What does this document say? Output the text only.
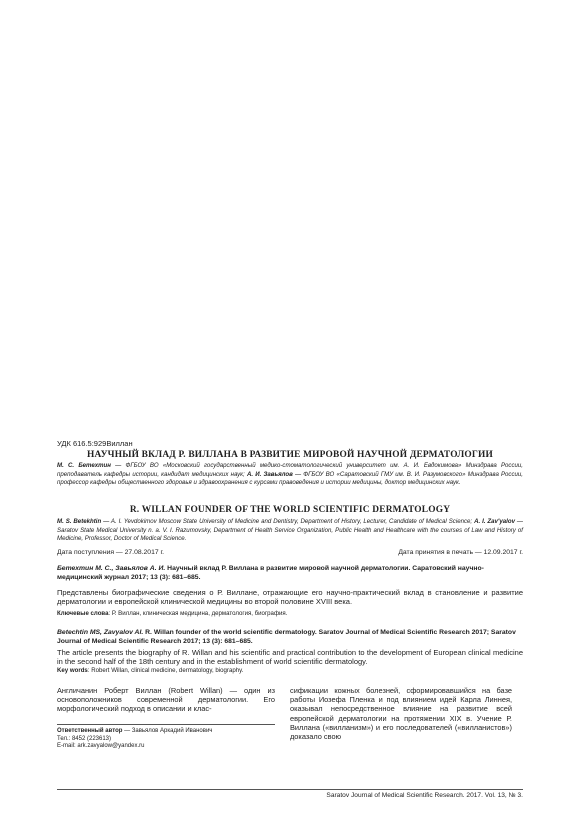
УДК 616.5:929Виллан
НАУЧНЫЙ ВКЛАД Р. ВИЛЛАНА В РАЗВИТИЕ МИРОВОЙ НАУЧНОЙ ДЕРМАТОЛОГИИ
М. С. Бетехтин — ФГБОУ ВО «Московский государственный медико-стоматологический университет им. А. И. Евдокимова» Минздрава России, преподаватель кафедры истории, кандидат медицинских наук; А. И. Завьялов — ФГБОУ ВО «Саратовский ГМУ им. В. И. Разумовского» Минздрава России, профессор кафедры общественного здоровья и здравоохранения с курсами правоведения и истории медицины, доктор медицинских наук.
R. WILLAN FOUNDER OF THE WORLD SCIENTIFIC DERMATOLOGY
M. S. Betekhtin — A. I. Yevdokimov Moscow State University of Medicine and Dentistry, Department of History, Lecturer, Candidate of Medical Science; A. I. Zav'yalov — Saratov State Medical University n. a. V. I. Razumovsky, Department of Health Service Organization, Public Health and Healthcare with the courses of Law and History of Medicine, Professor, Doctor of Medical Science.
Дата поступления — 27.08.2017 г.	Дата принятия в печать — 12.09.2017 г.
Бетехтин М. С., Завьялов А. И. Научный вклад Р. Виллана в развитие мировой научной дерматологии. Саратовский научно-медицинский журнал 2017; 13 (3): 681–685.
Представлены биографические сведения о Р. Виллане, отражающие его научно-практический вклад в становление и развитие дерматологии и европейской клинической медицины во второй половине XVIII века.
Ключевые слова: Р. Виллан, клиническая медицина, дерматология, биография.
Betechtin MS, Zavyalov AI. R. Willan founder of the world scientific dermatology. Saratov Journal of Medical Scientific Research 2017; Saratov Journal of Medical Scientific Research 2017; 13 (3): 681–685.
The article presents the biography of R. Willan and his scientific and practical contribution to the development of European clinical medicine in the second half of the 18th century and in the establishment of world scientific dermatology.
Key words: Robert Willan, clinical medicine, dermatology, biography.
Англичанин Роберт Виллан (Robert Willan) — один из основоположников современной дерматологии. Его морфологический подход в описании и клас-
Ответственный автор — Завьялов Аркадий Иванович
Тел.: 8452 (223613)
E-mail: ark.zavyalow@yandex.ru
сификации кожных болезней, сформировавшийся на базе работы Иозефа Пленка и под влиянием идей Карла Линнея, оказывал непосредственное влияние на развитие всей европейской дерматологии на протяжении XIX в. Учение Р. Виллана («вилланизм») и его последователей («вилланистов») доказало свою
Saratov Journal of Medical Scientific Research. 2017. Vol. 13, № 3.
